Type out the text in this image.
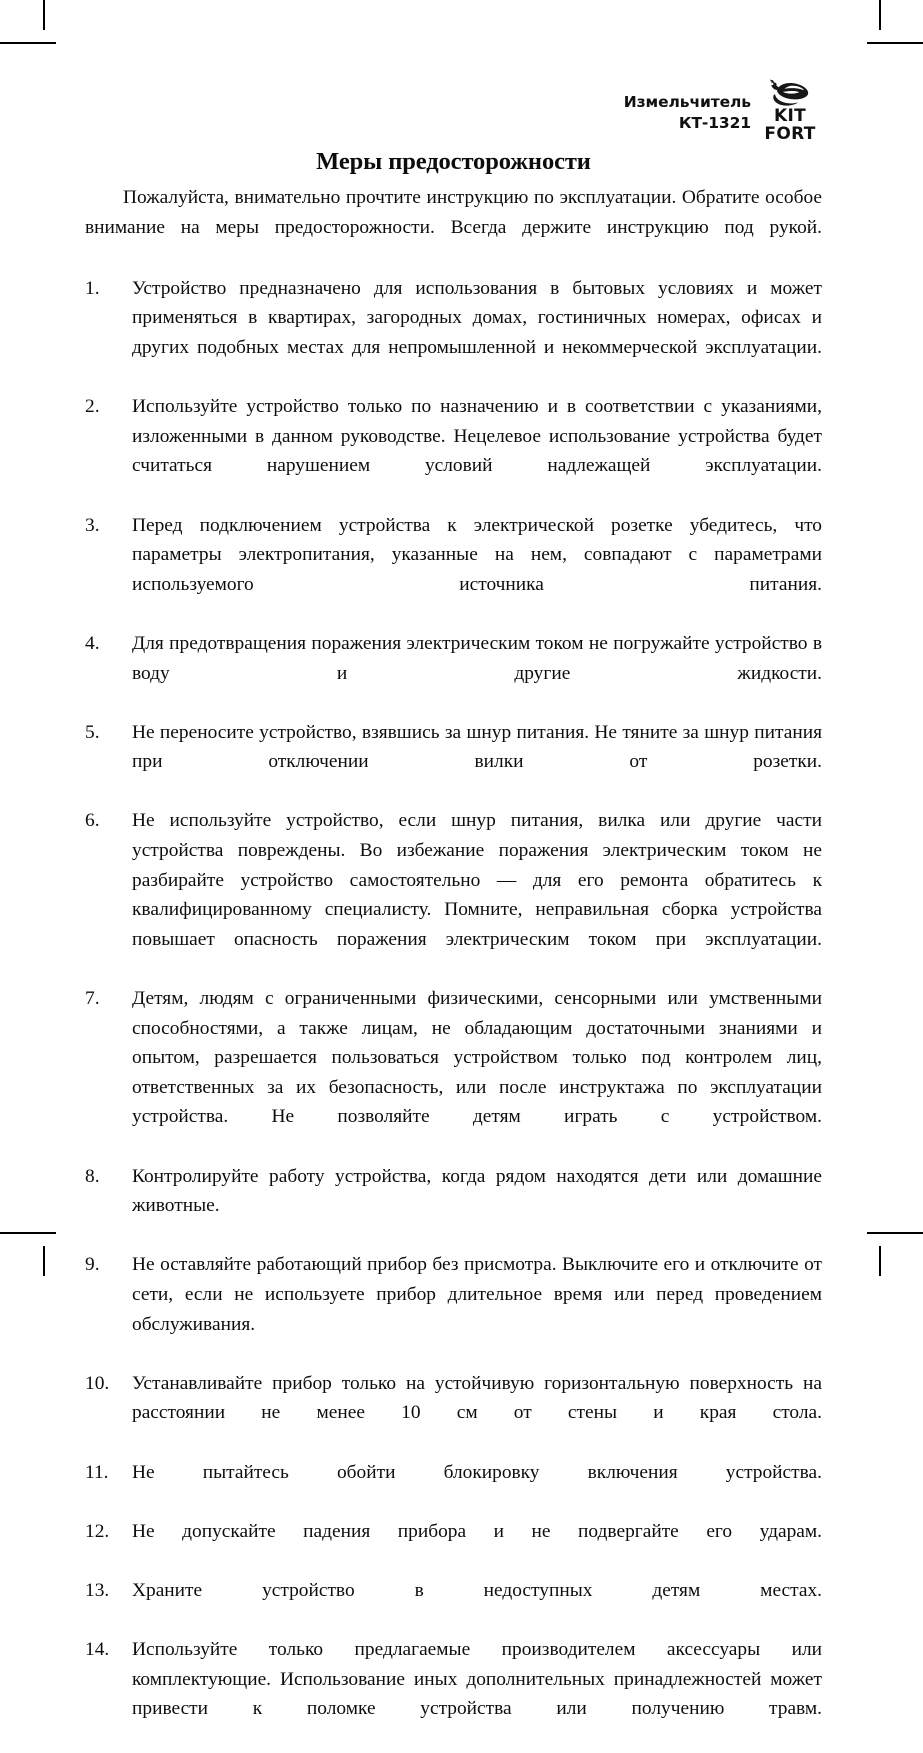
Измельчитель
КТ-1321 KIT
FORT
Меры предосторожности

Пожалуйста, внимательно прочтите инструкцию по эксплуатации. Обратите особое внимание на меры предосторожности. Всегда держите инструкцию под рукой.

1.	Устройство предназначено для использования в бытовых условиях и может применяться в квартирах, загородных домах, гостиничных номерах, офисах и других подобных местах для непромышленной и некоммерческой эксплуатации.
2.	Используйте устройство только по назначению и в соответствии с указаниями, изложенными в данном руководстве. Нецелевое использование устройства будет считаться нарушением условий надлежащей эксплуатации.
3.	Перед подключением устройства к электрической розетке убедитесь, что параметры электропитания, указанные на нем, совпадают с параметрами используемого источника питания.
4.	Для предотвращения поражения электрическим током не погружайте устройство в воду и другие жидкости.
5.	Не переносите устройство, взявшись за шнур питания. Не тяните за шнур питания при отключении вилки от розетки.
6.	Не используйте устройство, если шнур питания, вилка или другие части устройства повреждены. Во избежание поражения электрическим током не разбирайте устройство самостоятельно — для его ремонта обратитесь к квалифицированному специалисту. Помните, неправильная сборка устройства повышает опасность поражения электрическим током при эксплуатации.
7.	Детям, людям с ограниченными физическими, сенсорными или умственными способностями, а также лицам, не обладающим достаточными знаниями и опытом, разрешается пользоваться устройством только под контролем лиц, ответственных за их безопасность, или после инструктажа по эксплуатации устройства. Не позволяйте детям играть с устройством.
8.	Контролируйте работу устройства, когда рядом находятся дети или домашние животные.
9.	Не оставляйте работающий прибор без присмотра. Выключите его и отключите от сети, если не используете прибор длительное время или перед проведением обслуживания.
10.	Устанавливайте прибор только на устойчивую горизонтальную поверхность на расстоянии не менее 10 см от стены и края стола.
11.	Не пытайтесь обойти блокировку включения устройства.
12.	Не допускайте падения прибора и не подвергайте его ударам.
13.	Храните устройство в недоступных детям местах.
14.	Используйте только предлагаемые производителем аксессуары или комплектующие. Использование иных дополнительных принадлежностей может привести к поломке устройства или получению травм.
